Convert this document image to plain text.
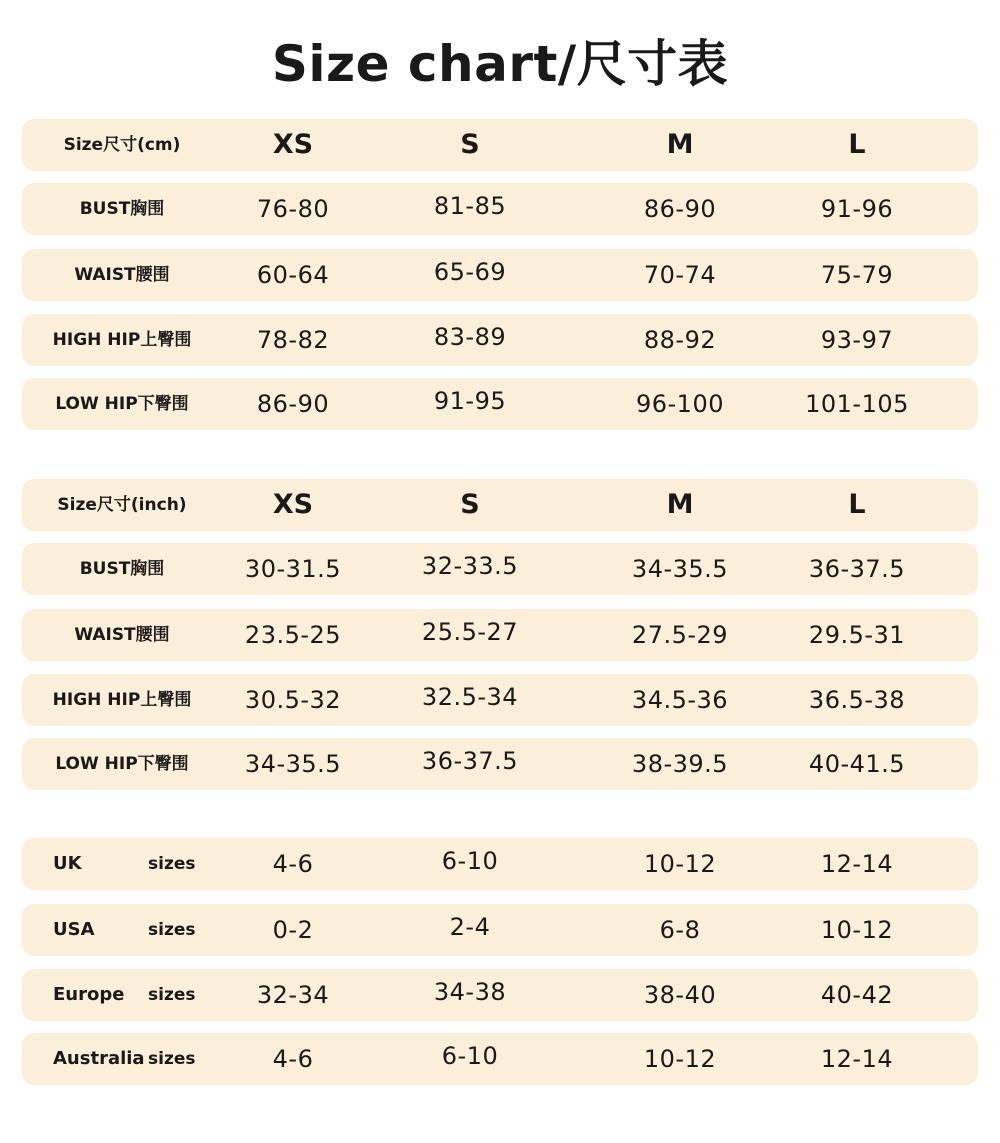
Size chart/尺寸表
Size尺寸(cm)	XS	S	M	L
BUST胸围	76-80	81-85	86-90	91-96
WAIST腰围	60-64	65-69	70-74	75-79
HIGH HIP上臀围	78-82	83-89	88-92	93-97
LOW HIP下臀围	86-90	91-95	96-100	101-105
Size尺寸(inch)	XS	S	M	L
BUST胸围	30-31.5	32-33.5	34-35.5	36-37.5
WAIST腰围	23.5-25	25.5-27	27.5-29	29.5-31
HIGH HIP上臀围	30.5-32	32.5-34	34.5-36	36.5-38
LOW HIP下臀围	34-35.5	36-37.5	38-39.5	40-41.5
UK	sizes	4-6	6-10	10-12	12-14
USA	sizes	0-2	2-4	6-8	10-12
Europe sizes	32-34	34-38	38-40	40-42
Australia sizes	4-6	6-10	10-12	12-14
